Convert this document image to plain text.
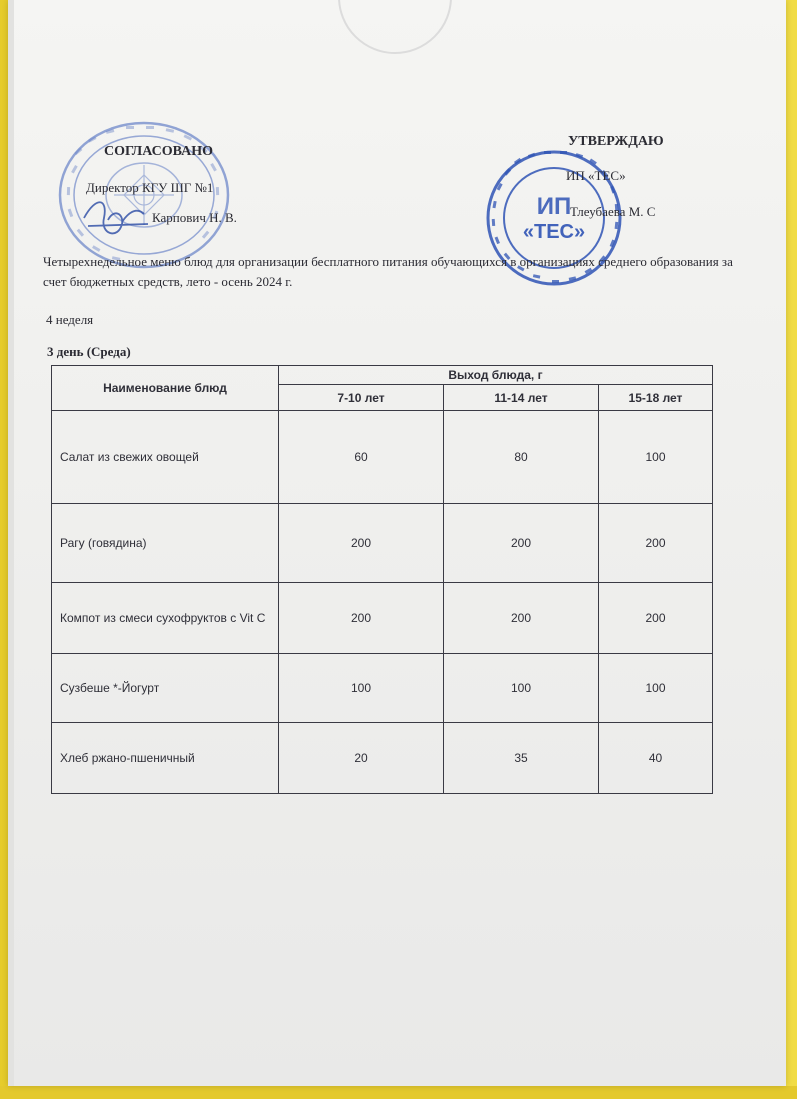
ИП
«ТЕС»
СОГЛАСОВАНО
Директор КГУ ШГ №1
Карпович Н. В.
УТВЕРЖДАЮ
ИП «ТЕС»
Тлеубаева М. С
Четырехнедельное меню блюд для организации бесплатного питания обучающихся в организациях среднего образования за счет бюджетных средств, лето - осень 2024 г.
4 неделя
3 день (Среда)
Наименование блюд	Выход блюда, г		
	7-10 лет	11-14 лет	15-18 лет
Салат из свежих овощей	60	80	100
Рагу (говядина)	200	200	200
Компот из смеси сухофруктов с Vit C	200	200	200
Сузбеше *-Йогурт	100	100	100
Хлеб ржано-пшеничный	20	35	40
